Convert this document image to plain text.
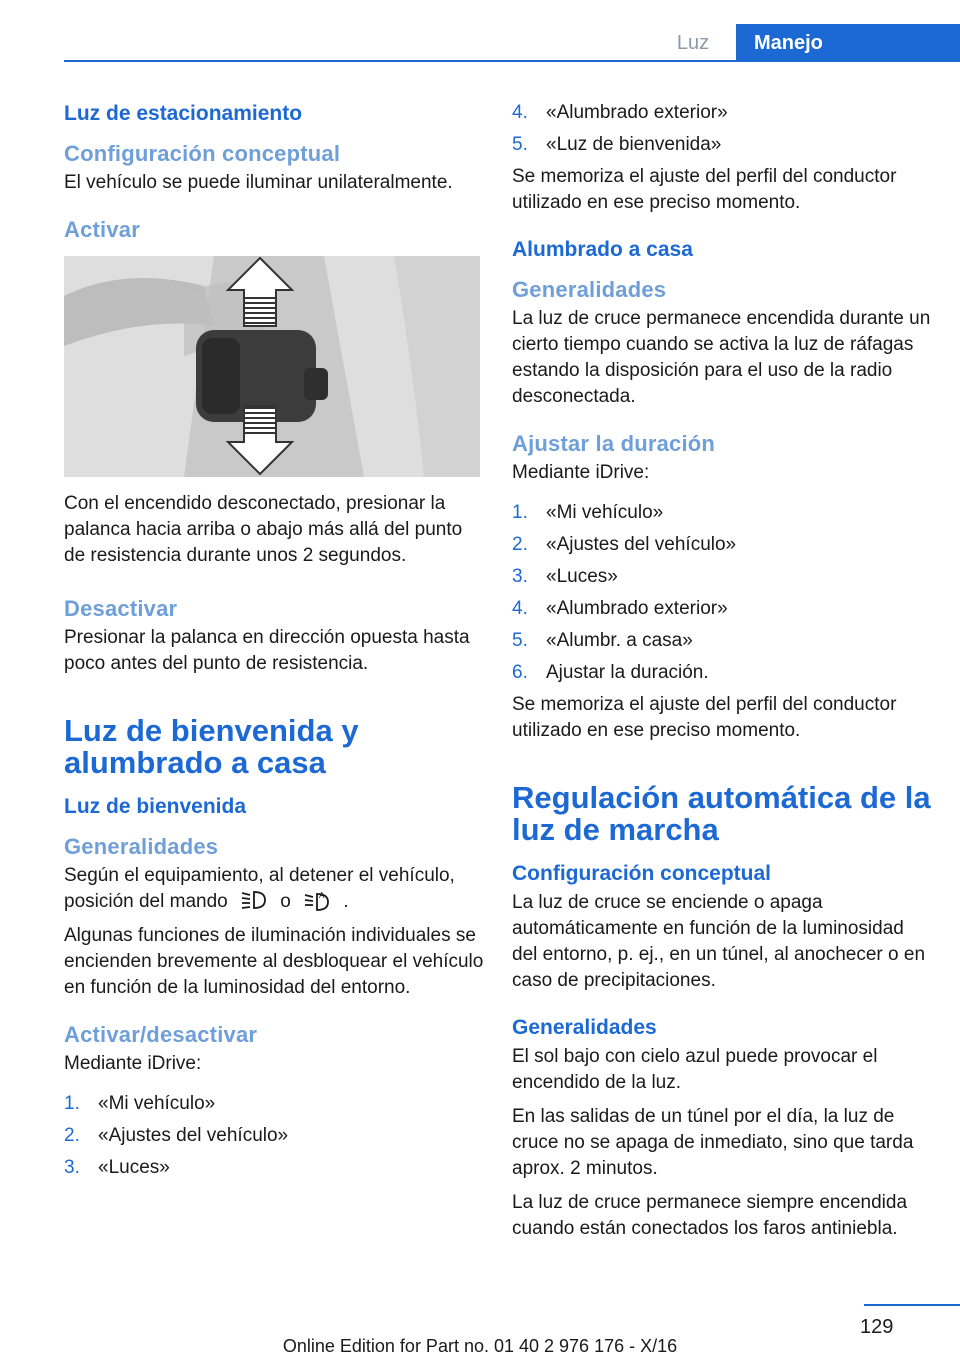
Luz	Manejo
Luz de estacionamiento
Configuración conceptual

El vehículo se puede iluminar unilateralmente.

Activar

Con el encendido desconectado, presionar la palanca hacia arriba o abajo más allá del punto de resistencia durante unos 2 segundos.

Desactivar

Presionar la palanca en dirección opuesta hasta poco antes del punto de resistencia.

Luz de bienvenida y alumbrado a casa
Luz de bienvenida
Generalidades

Según el equipamiento, al detener el vehículo, posición del mando	o	A .

Algunas funciones de iluminación individuales se encienden brevemente al desbloquear el vehículo en función de la luminosidad del entorno.

Activar/desactivar

Mediante iDrive:

1. «Mi vehículo»
2. «Ajustes del vehículo»
3. «Luces»
4. «Alumbrado exterior»
5. «Luz de bienvenida»

Se memoriza el ajuste del perfil del conductor utilizado en ese preciso momento.

Alumbrado a casa
Generalidades

La luz de cruce permanece encendida durante un cierto tiempo cuando se activa la luz de ráfagas estando la disposición para el uso de la radio desconectada.

Ajustar la duración

Mediante iDrive:

1. «Mi vehículo»
2. «Ajustes del vehículo»
3. «Luces»
4. «Alumbrado exterior»
5. «Alumbr. a casa»
6. Ajustar la duración.

Se memoriza el ajuste del perfil del conductor utilizado en ese preciso momento.

Regulación automática de la luz de marcha
Configuración conceptual

La luz de cruce se enciende o apaga automáticamente en función de la luminosidad del entorno, p. ej., en un túnel, al anochecer o en caso de precipitaciones.

Generalidades

El sol bajo con cielo azul puede provocar el encendido de la luz.

En las salidas de un túnel por el día, la luz de cruce no se apaga de inmediato, sino que tarda aprox. 2 minutos.

La luz de cruce permanece siempre encendida cuando están conectados los faros antiniebla.

129
Online Edition for Part no. 01 40 2 976 176 - X/16
